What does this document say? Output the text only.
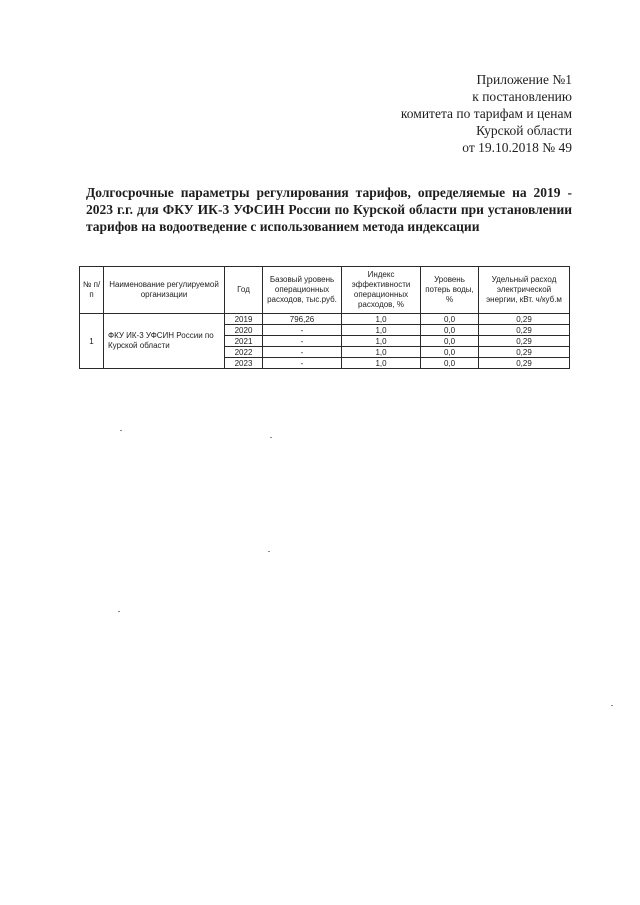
Приложение №1
к постановлению
комитета по тарифам и ценам
Курской области
от 19.10.2018 № 49
Долгосрочные параметры регулирования тарифов, определяемые на 2019 - 2023 г.г. для ФКУ ИК-3 УФСИН России по Курской области при установлении тарифов на водоотведение с использованием метода индексации
№ п/п	Наименование регулируемой организации	Год	Базовый уровень операционных расходов, тыс.руб.	Индекс эффективности операционных расходов, %	Уровень потерь воды, %	Удельный расход электрической энергии, кВт. ч/куб.м
1	ФКУ ИК-3 УФСИН России по Курской области	2019	796,26	1,0	0,0	0,29
		2020	-	1,0	0,0	0,29
		2021	-	1,0	0,0	0,29
		2022	-	1,0	0,0	0,29
		2023	-	1,0	0,0	0,29
